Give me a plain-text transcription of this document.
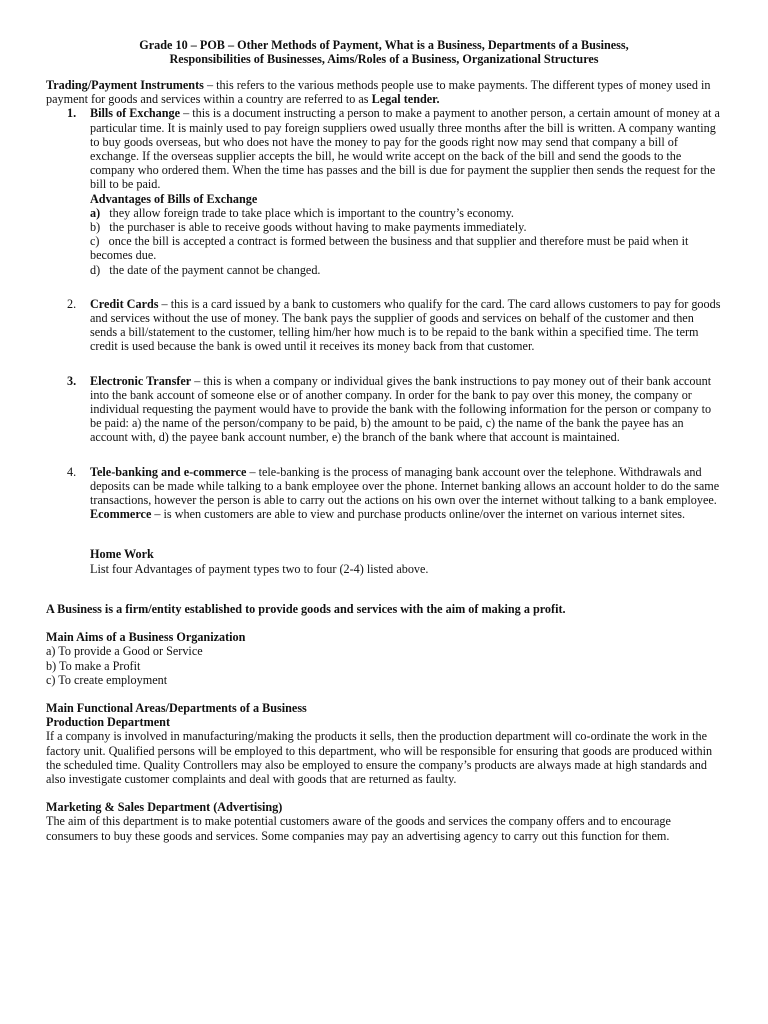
Grade 10 – POB – Other Methods of Payment, What is a Business, Departments of a Business,
Responsibilities of Businesses, Aims/Roles of a Business, Organizational Structures

Trading/Payment Instruments – this refers to the various methods people use to make payments. The different types of money used in payment for goods and services within a country are referred to as Legal tender.

1. Bills of Exchange – this is a document instructing a person to make a payment to another person, a certain amount of money at a particular time. It is mainly used to pay foreign suppliers owed usually three months after the bill is written. A company wanting to buy goods overseas, but who does not have the money to pay for the goods right now may send that company a bill of exchange. If the overseas supplier accepts the bill, he would write accept on the back of the bill and send the goods to the company who ordered them. When the time has passes and the bill is due for payment the supplier then sends the request for the bill to be paid.

Advantages of Bills of Exchange

a) they allow foreign trade to take place which is important to the country’s economy.

b) the purchaser is able to receive goods without having to make payments immediately.

c) once the bill is accepted a contract is formed between the business and that supplier and therefore must be paid when it becomes due.

d) the date of the payment cannot be changed.

2. Credit Cards – this is a card issued by a bank to customers who qualify for the card. The card allows customers to pay for goods and services without the use of money. The bank pays the supplier of goods and services on behalf of the customer and then sends a bill/statement to the customer, telling him/her how much is to be repaid to the bank within a specified time. The term credit is used because the bank is owed until it receives its money back from that customer.

3. Electronic Transfer – this is when a company or individual gives the bank instructions to pay money out of their bank account into the bank account of someone else or of another company. In order for the bank to pay over this money, the company or individual requesting the payment would have to provide the bank with the following information for the person or company to be paid: a) the name of the person/company to be paid, b) the amount to be paid, c) the name of the bank the payee has an account with, d) the payee bank account number, e) the branch of the bank where that account is maintained.

4. Tele-banking and e-commerce – tele-banking is the process of managing bank account over the telephone. Withdrawals and deposits can be made while talking to a bank employee over the phone. Internet banking allows an account holder to do the same transactions, however the person is able to carry out the actions on his own over the internet without talking to a bank employee.

Ecommerce – is when customers are able to view and purchase products online/over the internet on various internet sites.

Home Work

List four Advantages of payment types two to four (2-4) listed above.

A Business is a firm/entity established to provide goods and services with the aim of making a profit.

Main Aims of a Business Organization

a) To provide a Good or Service

b) To make a Profit

c) To create employment

Main Functional Areas/Departments of a Business

Production Department

If a company is involved in manufacturing/making the products it sells, then the production department will co-ordinate the work in the factory unit. Qualified persons will be employed to this department, who will be responsible for ensuring that goods are produced within the scheduled time. Quality Controllers may also be employed to ensure the company’s products are always made at high standards and also investigate customer complaints and deal with goods that are returned as faulty.

Marketing & Sales Department (Advertising)

The aim of this department is to make potential customers aware of the goods and services the company offers and to encourage consumers to buy these goods and services. Some companies may pay an advertising agency to carry out this function for them.
